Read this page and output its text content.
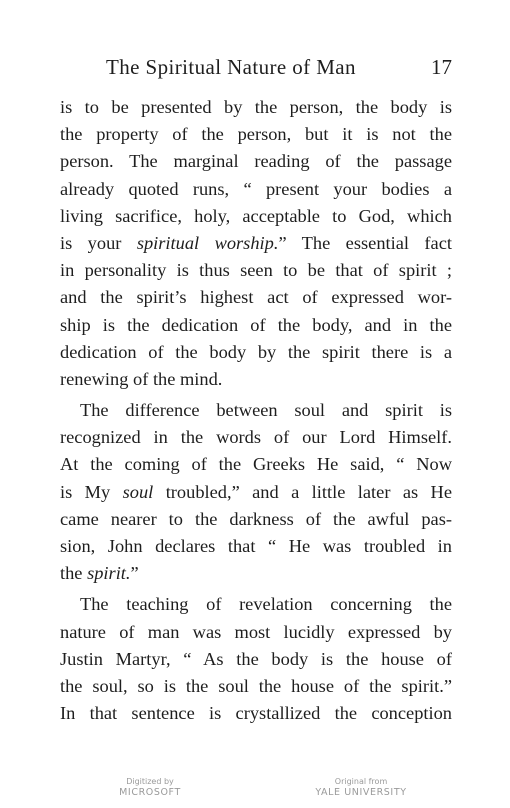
The Spiritual Nature of Man	17
is to be presented by the person, the body is
the property of the person, but it is not the
person. The marginal reading of the passage
already quoted runs, “ present your bodies a
living sacrifice, holy, acceptable to God, which
is your spiritual worship.” The essential fact
in personality is thus seen to be that of spirit ;
and the spirit’s highest act of expressed wor-
ship is the dedication of the body, and in the
dedication of the body by the spirit there is a
renewing of the mind.
The difference between soul and spirit is
recognized in the words of our Lord Himself.
At the coming of the Greeks He said, “ Now
is My soul troubled,” and a little later as He
came nearer to the darkness of the awful pas-
sion, John declares that “ He was troubled in
the spirit.”
The teaching of revelation concerning the
nature of man was most lucidly expressed by
Justin Martyr, “ As the body is the house of
the soul, so is the soul the house of the spirit.”
In that sentence is crystallized the conception
Digitized by
MICROSOFT
Original from
YALE UNIVERSITY
